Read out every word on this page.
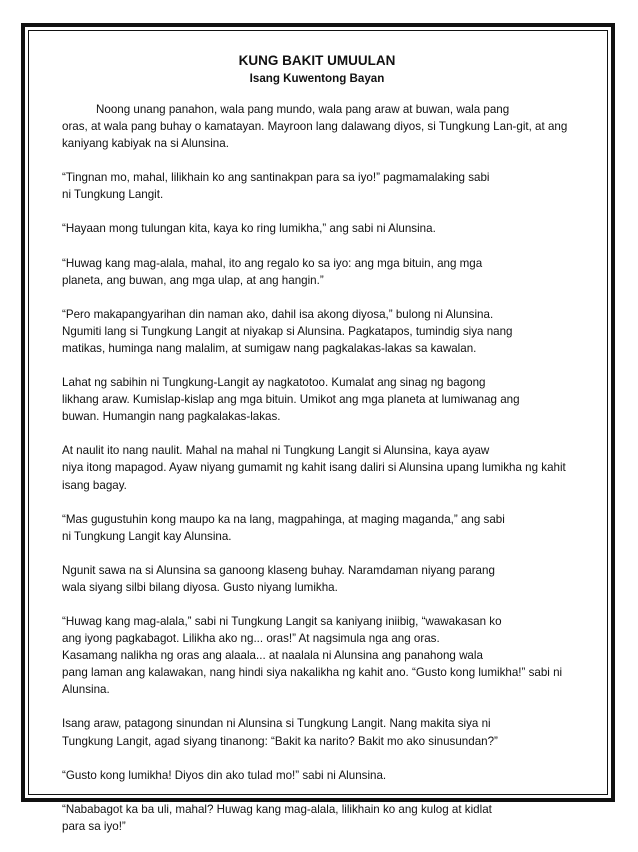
KUNG BAKIT UMUULAN

Isang Kuwentong Bayan

Noong unang panahon, wala pang mundo, wala pang araw at buwan, wala pang
oras, at wala pang buhay o kamatayan. Mayroon lang dalawang diyos, si Tungkung Lan-git, at ang
kaniyang kabiyak na si Alunsina.

“Tingnan mo, mahal, lilikhain ko ang santinakpan para sa iyo!” pagmamalaking sabi
ni Tungkung Langit.

“Hayaan mong tulungan kita, kaya ko ring lumikha,” ang sabi ni Alunsina.

“Huwag kang mag-alala, mahal, ito ang regalo ko sa iyo: ang mga bituin, ang mga
planeta, ang buwan, ang mga ulap, at ang hangin.”

“Pero makapangyarihan din naman ako, dahil isa akong diyosa,” bulong ni Alunsina.
Ngumiti lang si Tungkung Langit at niyakap si Alunsina. Pagkatapos, tumindig siya nang
matikas, huminga nang malalim, at sumigaw nang pagkalakas-lakas sa kawalan.

Lahat ng sabihin ni Tungkung-Langit ay nagkatotoo. Kumalat ang sinag ng bagong
likhang araw. Kumislap-kislap ang mga bituin. Umikot ang mga planeta at lumiwanag ang
buwan. Humangin nang pagkalakas-lakas.

At naulit ito nang naulit. Mahal na mahal ni Tungkung Langit si Alunsina, kaya ayaw
niya itong mapagod. Ayaw niyang gumamit ng kahit isang daliri si Alunsina upang lumikha ng kahit
isang bagay.

“Mas gugustuhin kong maupo ka na lang, magpahinga, at maging maganda,” ang sabi
ni Tungkung Langit kay Alunsina.

Ngunit sawa na si Alunsina sa ganoong klaseng buhay. Naramdaman niyang parang
wala siyang silbi bilang diyosa. Gusto niyang lumikha.

“Huwag kang mag-alala,” sabi ni Tungkung Langit sa kaniyang iniibig, “wawakasan ko
ang iyong pagkabagot. Lilikha ako ng... oras!” At nagsimula nga ang oras.
Kasamang nalikha ng oras ang alaala... at naalala ni Alunsina ang panahong wala
pang laman ang kalawakan, nang hindi siya nakalikha ng kahit ano. “Gusto kong lumikha!” sabi ni
Alunsina.

Isang araw, patagong sinundan ni Alunsina si Tungkung Langit. Nang makita siya ni
Tungkung Langit, agad siyang tinanong: “Bakit ka narito? Bakit mo ako sinusundan?”

“Gusto kong lumikha! Diyos din ako tulad mo!” sabi ni Alunsina.

“Nababagot ka ba uli, mahal? Huwag kang mag-alala, lilikhain ko ang kulog at kidlat
para sa iyo!”
